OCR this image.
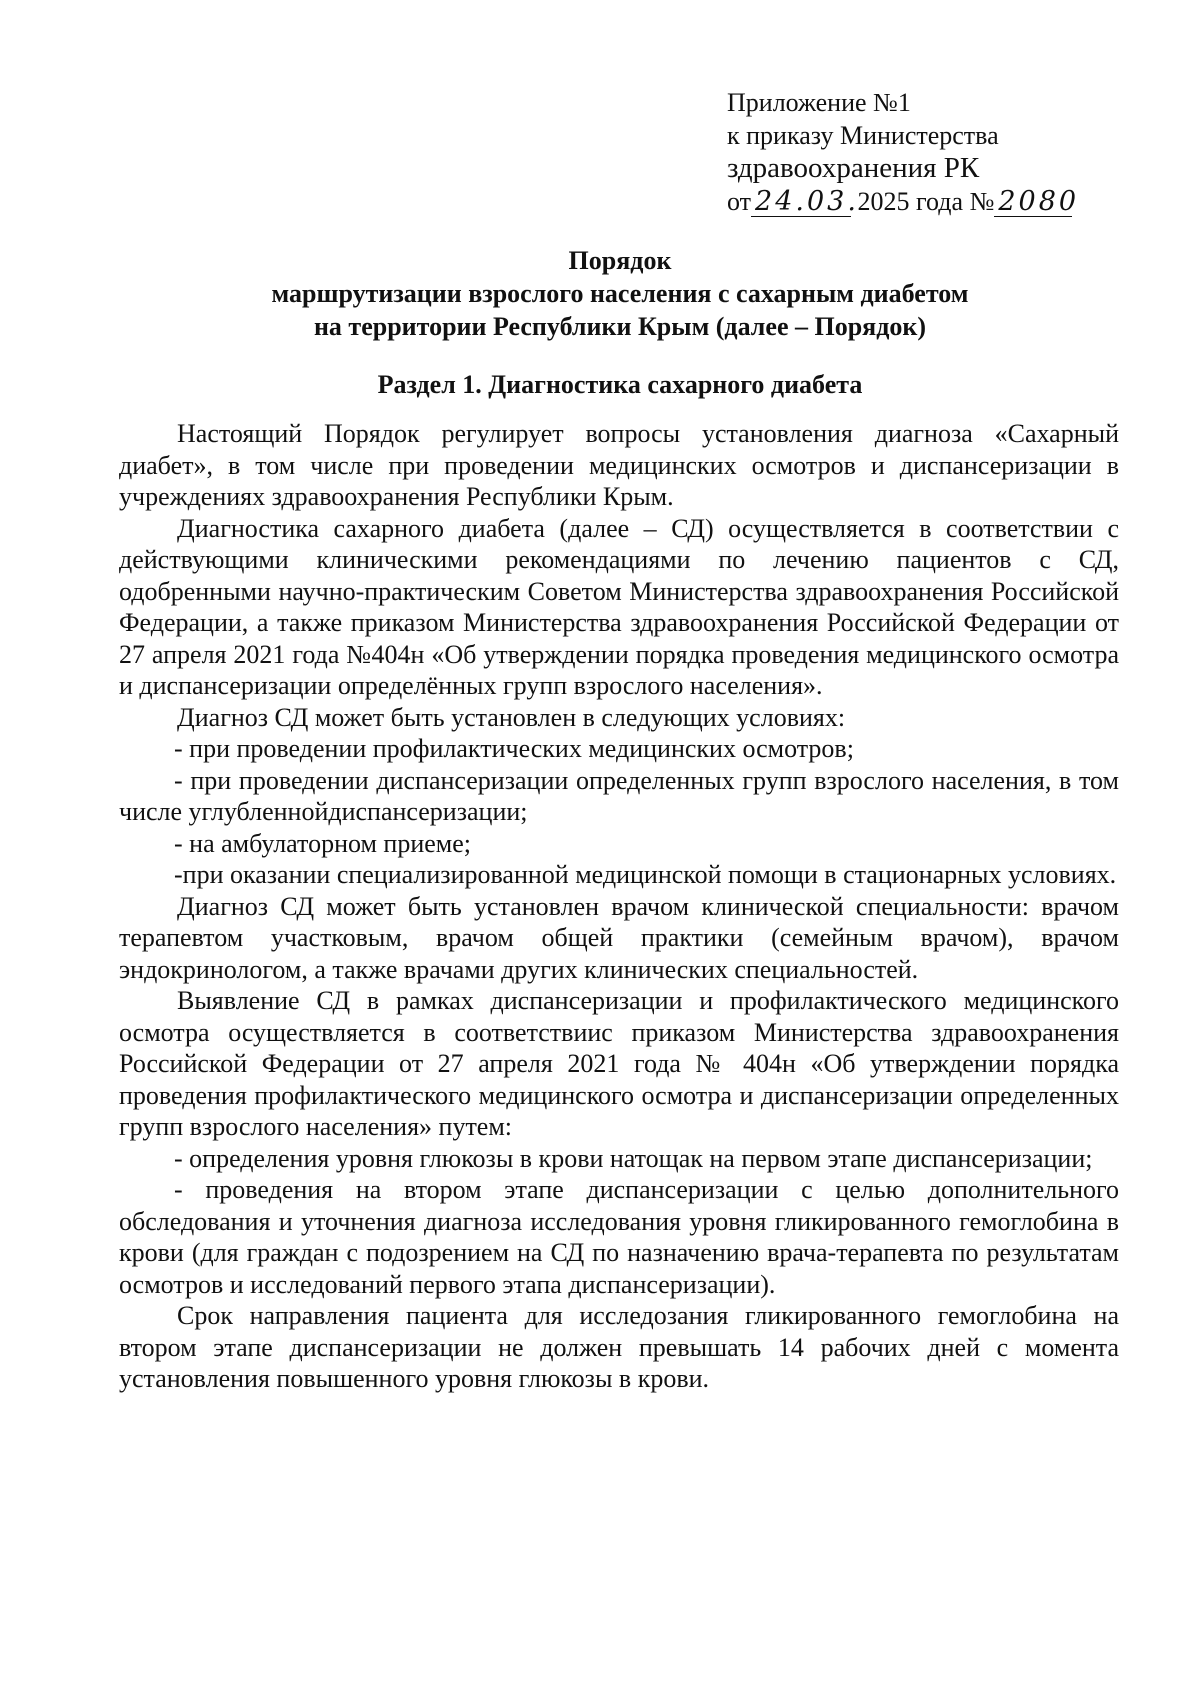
Приложение №1
к приказу Министерства
здравоохранения РК
от 24.03. 2025 года № 2080
Порядок
маршрутизации взрослого населения с сахарным диабетом
на территории Республики Крым (далее – Порядок)
Раздел 1. Диагностика сахарного диабета

Настоящий Порядок регулирует вопросы установления диагноза «Сахарный диабет», в том числе при проведении медицинских осмотров и диспансеризации в учреждениях здравоохранения Республики Крым.

Диагностика сахарного диабета (далее – СД) осуществляется в соответствии с действующими клиническими рекомендациями по лечению пациентов с СД, одобренными научно-практическим Советом Министерства здравоохранения Российской Федерации, а также приказом Министерства здравоохранения Российской Федерации от 27 апреля 2021 года №404н «Об утверждении порядка проведения медицинского осмотра и диспансеризации определённых групп взрослого населения».

Диагноз СД может быть установлен в следующих условиях:

- при проведении профилактических медицинских осмотров;

- при проведении диспансеризации определенных групп взрослого населения, в том числе углубленнойдиспансеризации;

- на амбулаторном приеме;

-при оказании специализированной медицинской помощи в стационарных условиях.

Диагноз СД может быть установлен врачом клинической специальности: врачом терапевтом участковым, врачом общей практики (семейным врачом), врачом эндокринологом, а также врачами других клинических специальностей.

Выявление СД в рамках диспансеризации и профилактического медицинского осмотра осуществляется в соответствиис приказом Министерства здравоохранения Российской Федерации от 27 апреля 2021 года № 404н «Об утверждении порядка проведения профилактического медицинского осмотра и диспансеризации определенных групп взрослого населения» путем:

- определения уровня глюкозы в крови натощак на первом этапе диспансеризации;

- проведения на втором этапе диспансеризации с целью дополнительного обследования и уточнения диагноза исследования уровня гликированного гемоглобина в крови (для граждан с подозрением на СД по назначению врача-терапевта по результатам осмотров и исследований первого этапа диспансеризации).

Срок направления пациента для исследозания гликированного гемоглобина на втором этапе диспансеризации не должен превышать 14 рабочих дней с момента установления повышенного уровня глюкозы в крови.
